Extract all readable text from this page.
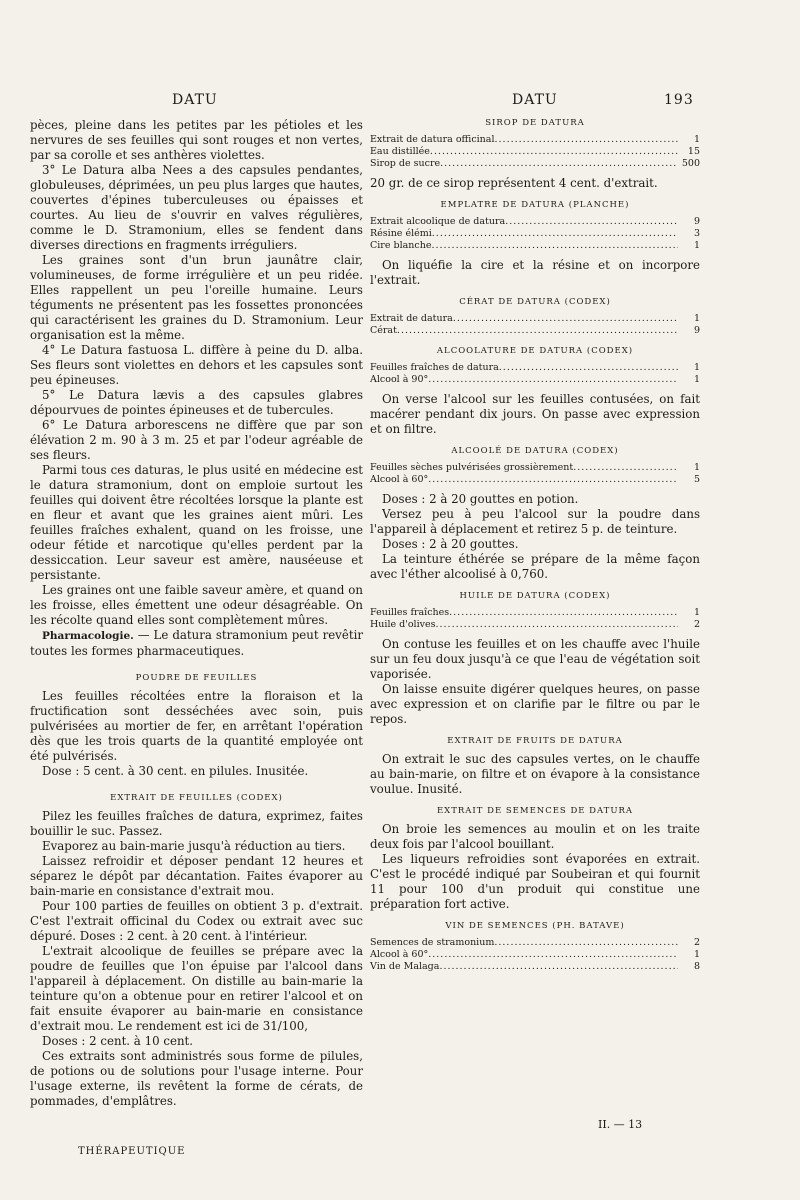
DATU	DATU	193

pèces, pleine dans les petites par les pétioles et les nervures de ses feuilles qui sont rouges et non vertes, par sa corolle et ses anthères violettes.

3° Le Datura alba Nees a des capsules pendantes, globuleuses, déprimées, un peu plus larges que hautes, couvertes d'épines tuberculeuses ou épaisses et courtes. Au lieu de s'ouvrir en valves régulières, comme le D. Stramonium, elles se fendent dans diverses directions en fragments irréguliers.

Les graines sont d'un brun jaunâtre clair, volumineuses, de forme irrégulière et un peu ridée. Elles rappellent un peu l'oreille humaine. Leurs téguments ne présentent pas les fossettes prononcées qui caractérisent les graines du D. Stramonium. Leur organisation est la même.

4° Le Datura fastuosa L. diffère à peine du D. alba. Ses fleurs sont violettes en dehors et les capsules sont peu épineuses.

5° Le Datura lævis a des capsules glabres dépourvues de pointes épineuses et de tubercules.

6° Le Datura arborescens ne diffère que par son élévation 2 m. 90 à 3 m. 25 et par l'odeur agréable de ses fleurs.

Parmi tous ces daturas, le plus usité en médecine est le datura stramonium, dont on emploie surtout les feuilles qui doivent être récoltées lorsque la plante est en fleur et avant que les graines aient mûri. Les feuilles fraîches exhalent, quand on les froisse, une odeur fétide et narcotique qu'elles perdent par la dessiccation. Leur saveur est amère, nauséeuse et persistante.

Les graines ont une faible saveur amère, et quand on les froisse, elles émettent une odeur désagréable. On les récolte quand elles sont complètement mûres.

Pharmacologie. — Le datura stramonium peut revêtir toutes les formes pharmaceutiques.

POUDRE DE FEUILLES

Les feuilles récoltées entre la floraison et la fructification sont desséchées avec soin, puis pulvérisées au mortier de fer, en arrêtant l'opération dès que les trois quarts de la quantité employée ont été pulvérisés.

Dose : 5 cent. à 30 cent. en pilules. Inusitée.

EXTRAIT DE FEUILLES (CODEX)

Pilez les feuilles fraîches de datura, exprimez, faites bouillir le suc. Passez.

Evaporez au bain-marie jusqu'à réduction au tiers.

Laissez refroidir et déposer pendant 12 heures et séparez le dépôt par décantation. Faites évaporer au bain-marie en consistance d'extrait mou.

Pour 100 parties de feuilles on obtient 3 p. d'extrait. C'est l'extrait officinal du Codex ou extrait avec suc dépuré. Doses : 2 cent. à 20 cent. à l'intérieur.

L'extrait alcoolique de feuilles se prépare avec la poudre de feuilles que l'on épuise par l'alcool dans l'appareil à déplacement. On distille au bain-marie la teinture qu'on a obtenue pour en retirer l'alcool et on fait ensuite évaporer au bain-marie en consistance d'extrait mou. Le rendement est ici de 31/100,

Doses : 2 cent. à 10 cent.

Ces extraits sont administrés sous forme de pilules, de potions ou de solutions pour l'usage interne. Pour l'usage externe, ils revêtent la forme de cérats, de pommades, d'emplâtres.

SIROP DE DATURA
Extrait de datura officinal .....	1
Eau distillée .....	15
Sirop de sucre .....	500

20 gr. de ce sirop représentent 4 cent. d'extrait.

EMPLATRE DE DATURA (PLANCHE)
Extrait alcoolique de datura .....	9
Résine élémi .....	3
Cire blanche .....	1

On liquéfie la cire et la résine et on incorpore l'extrait.

CÉRAT DE DATURA (CODEX)
Extrait de datura .....	1
Cérat .....	9
ALCOOLATURE DE DATURA (CODEX)
Feuilles fraîches de datura .....	1
Alcool à 90° .....	1

On verse l'alcool sur les feuilles contusées, on fait macérer pendant dix jours. On passe avec expression et on filtre.

ALCOOLÉ DE DATURA (CODEX)
Feuilles sèches pulvérisées grossièrement .....	1
Alcool à 60° .....	5

Doses : 2 à 20 gouttes en potion.

Versez peu à peu l'alcool sur la poudre dans l'appareil à déplacement et retirez 5 p. de teinture.

Doses : 2 à 20 gouttes.

La teinture éthérée se prépare de la même façon avec l'éther alcoolisé à 0,760.

HUILE DE DATURA (CODEX)
Feuilles fraîches .....	1
Huile d'olives .....	2

On contuse les feuilles et on les chauffe avec l'huile sur un feu doux jusqu'à ce que l'eau de végétation soit vaporisée.

On laisse ensuite digérer quelques heures, on passe avec expression et on clarifie par le filtre ou par le repos.

EXTRAIT DE FRUITS DE DATURA

On extrait le suc des capsules vertes, on le chauffe au bain-marie, on filtre et on évapore à la consistance voulue. Inusité.

EXTRAIT DE SEMENCES DE DATURA

On broie les semences au moulin et on les traite deux fois par l'alcool bouillant.

Les liqueurs refroidies sont évaporées en extrait. C'est le procédé indiqué par Soubeiran et qui fournit 11 pour 100 d'un produit qui constitue une préparation fort active.

VIN DE SEMENCES (PH. BATAVE)
Semences de stramonium .....	2
Alcool à 60° .....	1
Vin de Malaga .....	8
THÉRAPEUTIQUE
II. — 13
